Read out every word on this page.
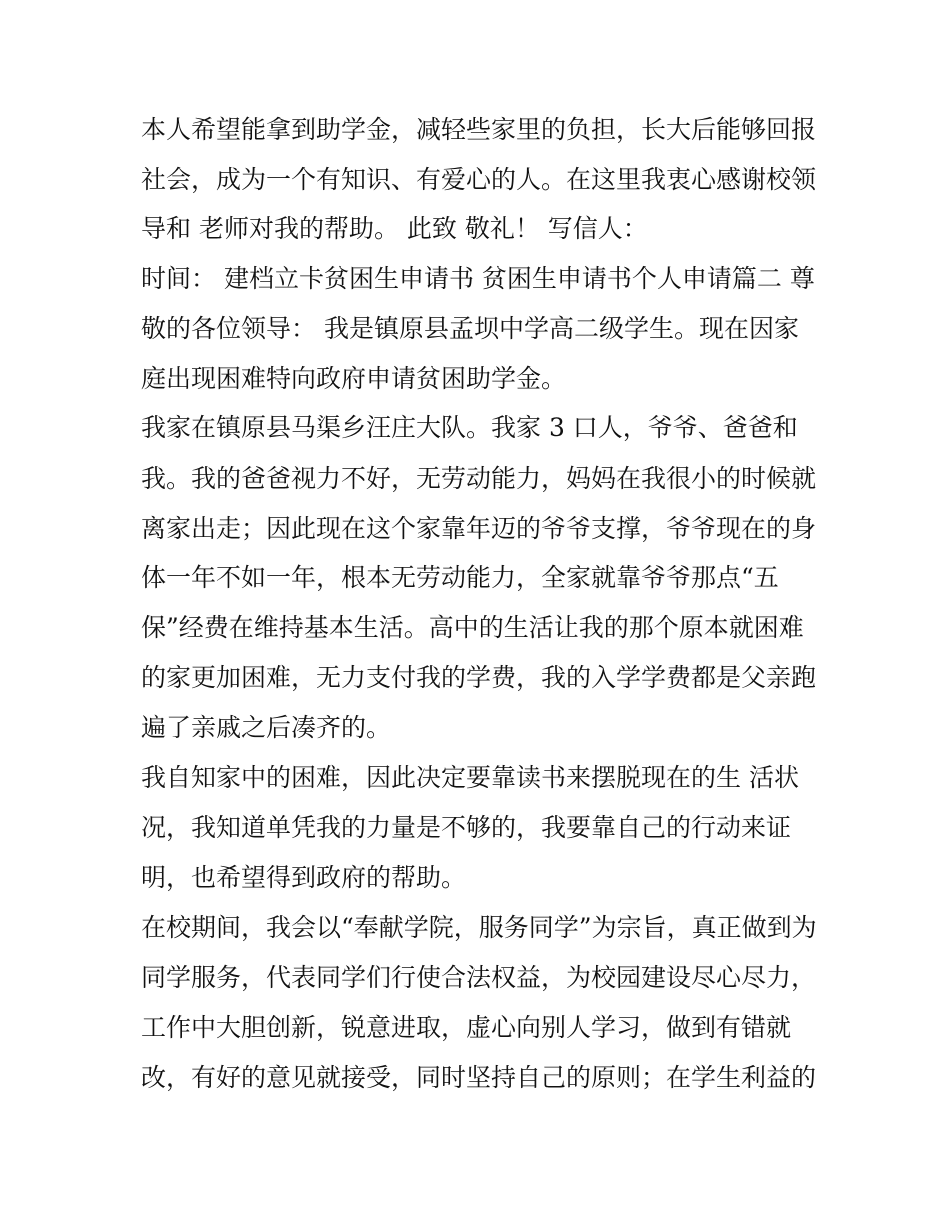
本人希望能拿到助学金，减轻些家里的负担，长大后能够回报
社会，成为一个有知识、有爱心的人。在这里我衷心感谢校领
导和 老师对我的帮助。 此致 敬礼！ 写信人：
时间： 建档立卡贫困生申请书 贫困生申请书个人申请篇二 尊
敬的各位领导： 我是镇原县孟坝中学高二级学生。现在因家
庭出现困难特向政府申请贫困助学金。
我家在镇原县马渠乡汪庄大队。我家 3 口人，爷爷、爸爸和
我。我的爸爸视力不好，无劳动能力，妈妈在我很小的时候就
离家出走；因此现在这个家靠年迈的爷爷支撑，爷爷现在的身
体一年不如一年，根本无劳动能力，全家就靠爷爷那点“五
保”经费在维持基本生活。高中的生活让我的那个原本就困难
的家更加困难，无力支付我的学费，我的入学学费都是父亲跑
遍了亲戚之后凑齐的。
我自知家中的困难，因此决定要靠读书来摆脱现在的生 活状
况，我知道单凭我的力量是不够的，我要靠自己的行动来证
明，也希望得到政府的帮助。
在校期间，我会以“奉献学院，服务同学”为宗旨，真正做到为
同学服务，代表同学们行使合法权益，为校园建设尽心尽力，
工作中大胆创新，锐意进取，虚心向别人学习，做到有错就
改，有好的意见就接受，同时坚持自己的原则；在学生利益的
